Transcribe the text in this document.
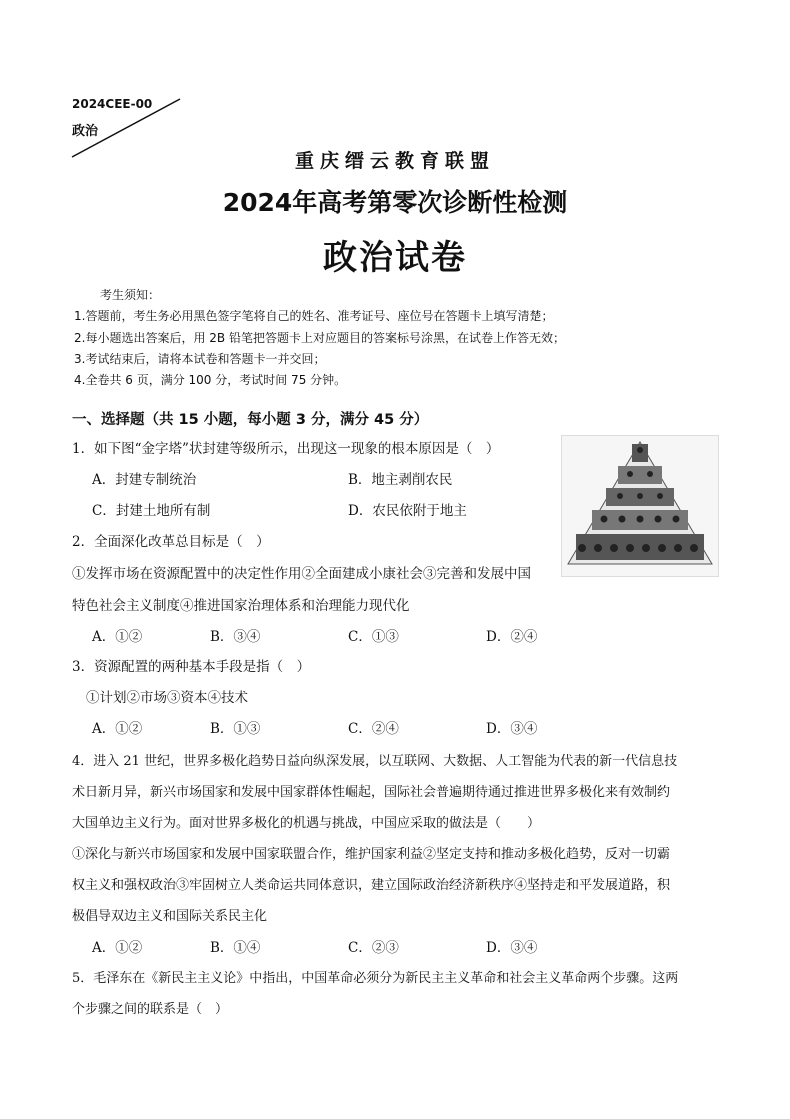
2024CEE-00
政治
重庆缙云教育联盟
2024年高考第零次诊断性检测
政治试卷
考生须知：
1.答题前，考生务必用黑色签字笔将自己的姓名、准考证号、座位号在答题卡上填写清楚；
2.每小题选出答案后，用 2B 铅笔把答题卡上对应题目的答案标号涂黑，在试卷上作答无效；
3.考试结束后，请将本试卷和答题卡一并交回；
4.全卷共 6 页，满分 100 分，考试时间 75 分钟。
一、选择题（共 15 小题，每小题 3 分，满分 45 分）
1．如下图“金字塔”状封建等级所示，出现这一现象的根本原因是（　）
A．封建专制统治	B．地主剥削农民
C．封建土地所有制	D．农民依附于地主
2．全面深化改革总目标是（　）
①发挥市场在资源配置中的决定性作用②全面建成小康社会③完善和发展中国
特色社会主义制度④推进国家治理体系和治理能力现代化
A．①②	B．③④	C．①③	D．②④
3．资源配置的两种基本手段是指（　）
①计划②市场③资本④技术
A．①②	B．①③	C．②④	D．③④
4．进入 21 世纪，世界多极化趋势日益向纵深发展，以互联网、大数据、人工智能为代表的新一代信息技
术日新月异，新兴市场国家和发展中国家群体性崛起，国际社会普遍期待通过推进世界多极化来有效制约
大国单边主义行为。面对世界多极化的机遇与挑战，中国应采取的做法是（　　）
①深化与新兴市场国家和发展中国家联盟合作，维护国家利益②坚定支持和推动多极化趋势，反对一切霸
权主义和强权政治③牢固树立人类命运共同体意识，建立国际政治经济新秩序④坚持走和平发展道路，积
极倡导双边主义和国际关系民主化
A．①②	B．①④	C．②③	D．③④
5．毛泽东在《新民主主义论》中指出，中国革命必须分为新民主主义革命和社会主义革命两个步骤。这两
个步骤之间的联系是（　）
